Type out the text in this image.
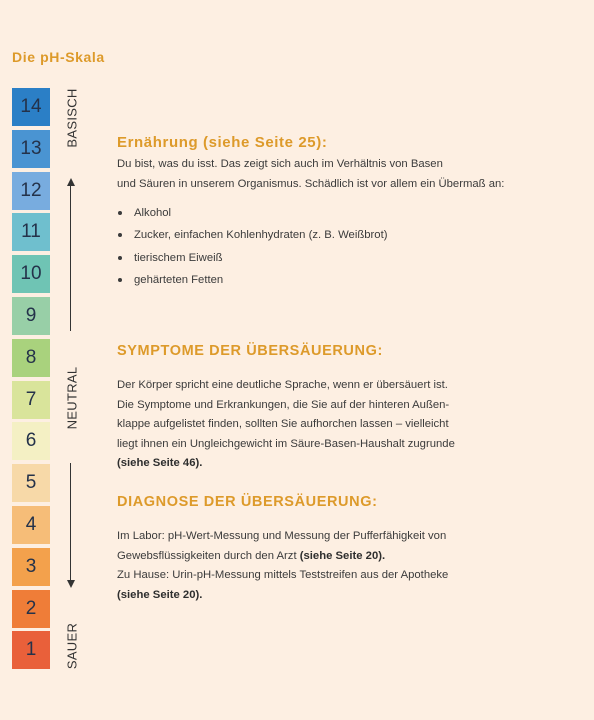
Die pH-Skala
14
13
12
11
10
9
8
7
6
5
4
3
2
1
BASISCH
NEUTRAL
SAUER
Ernährung (siehe Seite 25):

Du bist, was du isst. Das zeigt sich auch im Verhältnis von Basen

und Säuren in unserem Organismus. Schädlich ist vor allem ein Übermaß an:

Alkohol
Zucker, einfachen Kohlenhydraten (z. B. Weißbrot)
tierischem Eiweiß
gehärteten Fetten
SYMPTOME DER ÜBERSÄUERUNG:

Der Körper spricht eine deutliche Sprache, wenn er übersäuert ist.

Die Symptome und Erkrankungen, die Sie auf der hinteren Außen-

klappe aufgelistet finden, sollten Sie aufhorchen lassen – vielleicht

liegt ihnen ein Ungleichgewicht im Säure-Basen-Haushalt zugrunde

(siehe Seite 46).

DIAGNOSE DER ÜBERSÄUERUNG:

Im Labor: pH-Wert-Messung und Messung der Pufferfähigkeit von

Gewebsflüssigkeiten durch den Arzt (siehe Seite 20).

Zu Hause: Urin-pH-Messung mittels Teststreifen aus der Apotheke

(siehe Seite 20).
